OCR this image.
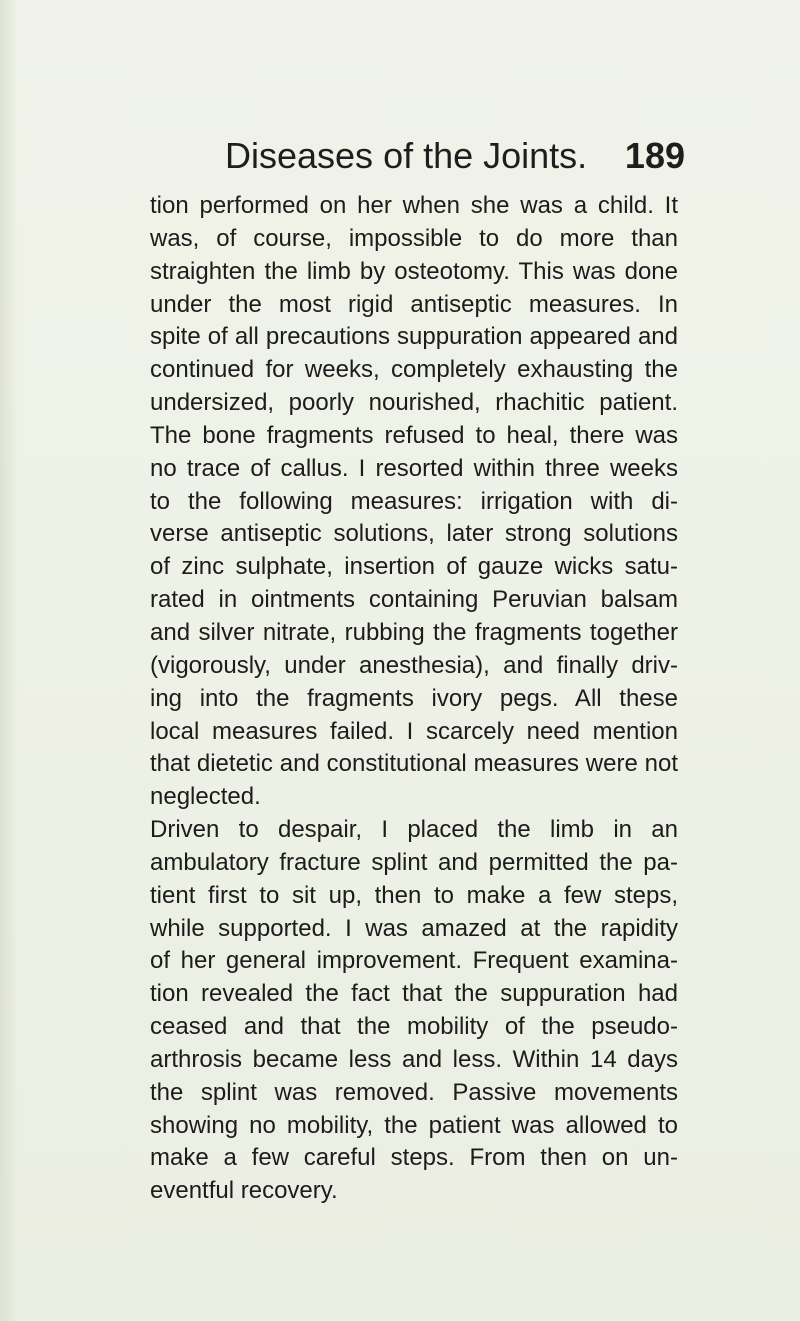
Diseases of the Joints. 189
tion performed on her when she was a child. It
was, of course, impossible to do more than
straighten the limb by osteotomy. This was done
under the most rigid antiseptic measures. In
spite of all precautions suppuration appeared and
continued for weeks, completely exhausting the
undersized, poorly nourished, rhachitic patient.
The bone fragments refused to heal, there was
no trace of callus. I resorted within three weeks
to the following measures: irrigation with di-
verse antiseptic solutions, later strong solutions
of zinc sulphate, insertion of gauze wicks satu-
rated in ointments containing Peruvian balsam
and silver nitrate, rubbing the fragments together
(vigorously, under anesthesia), and finally driv-
ing into the fragments ivory pegs. All these
local measures failed. I scarcely need mention
that dietetic and constitutional measures were not
neglected.
Driven to despair, I placed the limb in an
ambulatory fracture splint and permitted the pa-
tient first to sit up, then to make a few steps,
while supported. I was amazed at the rapidity
of her general improvement. Frequent examina-
tion revealed the fact that the suppuration had
ceased and that the mobility of the pseudo-
arthrosis became less and less. Within 14 days
the splint was removed. Passive movements
showing no mobility, the patient was allowed to
make a few careful steps. From then on un-
eventful recovery.
